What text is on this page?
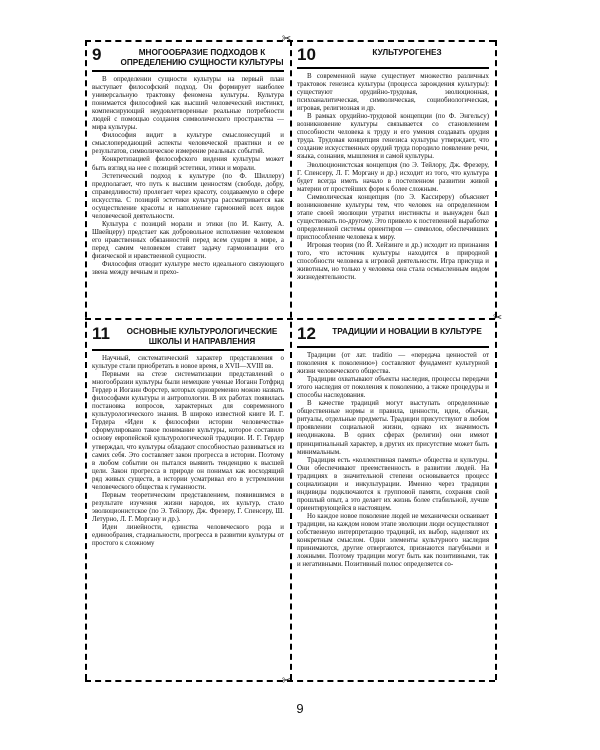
9	МНОГООБРАЗИЕ ПОДХОДОВ К ОПРЕДЕЛЕНИЮ СУЩНОСТИ КУЛЬТУРЫ

В определении сущности культуры на первый план выступает философский подход. Он формирует наиболее универсальную трактовку феномена культуры. Культура понимается философией как высший человеческий инстинкт, компенсирующий неудовлетворенные реальные потребности людей с помощью создания символического пространства — мира культуры.

Философия видит в культуре смыслонесущий и смыслопередающий аспекты человеческой практики и ее результатов, символическое измерение реальных событий.

Конкретизацией философского видения культуры может быть взгляд на нее с позиций эстетики, этики и морали.

Эстетический подход к культуре (по Ф. Шиллеру) предполагает, что путь к высшим ценностям (свободе, добру, справедливости) пролегает через красоту, создаваемую в сфере искусства. С позиций эстетики культура рассматривается как осуществление красоты и наполнение гармонией всех видов человеческой деятельности.

Культура с позиций морали и этики (по И. Канту, А. Швейцеру) предстает как добровольное исполнение человеком его нравственных обязанностей перед всем сущим в мире, а перед самим человеком ставит задачу гармонизации его физической и нравственной сущности.

Философия отводит культуре место идеального связующего звена между вечным и прехо-

10	КУЛЬТУРОГЕНЕЗ

В современной науке существует множество различных трактовок генезиса культуры (процесса зарождения культуры): существуют орудийно-трудовая, эволюционная, психоаналитическая, символическая, социобиологическая, игровая, религиозная и др.

В рамках орудийно-трудовой концепции (по Ф. Энгельсу) возникновение культуры связывается со становлением способности человека к труду и его умения создавать орудия труда. Трудовая концепция генезиса культуры утверждает, что создание искусственных орудий труда породило появление речи, языка, сознания, мышления и самой культуры.

Эволюционистская концепция (по Э. Тейлору, Дж. Фрезеру, Г. Спенсеру, Л. Г. Моргану и др.) исходит из того, что культура будет всегда иметь начало в постепенном развитии живой материи от простейших форм к более сложным.

Символическая концепция (по Э. Кассиреру) объясняет возникновение культуры тем, что человек на определенном этапе своей эволюции утратил инстинкты и вынужден был существовать по-другому. Это привело к постепенной выработке определенной системы ориентиров — символов, обеспечивших приспособление человека к миру.

Игровая теория (по Й. Хейзинге и др.) исходит из признания того, что источник культуры находится в природной способности человека к игровой деятельности. Игра присуща и животным, но только у человека она стала осмысленным видом жизнедеятельности.

11	ОСНОВНЫЕ КУЛЬТУРОЛОГИЧЕСКИЕ ШКОЛЫ И НАПРАВЛЕНИЯ

Научный, систематический характер представления о культуре стали приобретать в новое время, в XVII—XVIII вв.

Первыми на стезе систематизации представлений о многообразии культуры были немецкие ученые Иоганн Готфрид Гердер и Иоганн Форстер, которых одновременно можно назвать философами культуры и антропологии. В их работах появилась постановка вопросов, характерных для современного культурологического знания. В широко известной книге И. Г. Гердера «Идеи к философии истории человечества» сформулировано такое понимание культуры, которое составило основу европейской культурологической традиции. И. Г. Гердер утверждал, что культуры обладают способностью развиваться из самих себя. Это составляет закон прогресса в истории. Поэтому в любом событии он пытался выявить тенденцию к высшей цели. Закон прогресса в природе он понимал как восходящий ряд живых существ, в истории усматривал его в устремлении человеческого общества к гуманности.

Первым теоретическим представлением, появившимся в результате изучения жизни народов, их культур, стало эволюционистское (по Э. Тейлору, Дж. Фрезеру, Г. Спенсеру, Ш. Летурно, Л. Г. Моргану и др.).

Идеи линейности, единства человеческого рода и единообразия, стадиальности, прогресса в развитии культуры от простого к сложному

12	ТРАДИЦИИ И НОВАЦИИ В КУЛЬТУРЕ

Традиции (от лат. traditio — «передача ценностей от поколения к поколению») составляют фундамент культурной жизни человеческого общества.

Традиции охватывают объекты наследия, процессы передачи этого наследия от поколения к поколению, а также процедуры и способы наследования.

В качестве традиций могут выступать определенные общественные нормы и правила, ценности, идеи, обычаи, ритуалы, отдельные предметы. Традиции присутствуют в любом проявлении социальной жизни, однако их значимость неодинакова. В одних сферах (религии) они имеют принципиальный характер, в других их присутствие может быть минимальным.

Традиция есть «коллективная память» общества и культуры. Они обеспечивают преемственность в развитии людей. На традициях в значительной степени основывается процесс социализации и инкультурации. Именно через традиции индивиды подключаются к групповой памяти, сохраняя свой прошлый опыт, а это делает их жизнь более стабильной, лучше ориентирующейся в настоящем.

Но каждое новое поколение людей не механически осваивает традиции, на каждом новом этапе эволюции люди осуществляют собственную интерпретацию традиций, их выбор, наделяют их конкретным смыслом. Одни элементы культурного наследия принимаются, другие отвергаются, признаются пагубными и ложными. Поэтому традиции могут быть как позитивными, так и негативными. Позитивный полюс определяется со-

✂
✂
✂
9
